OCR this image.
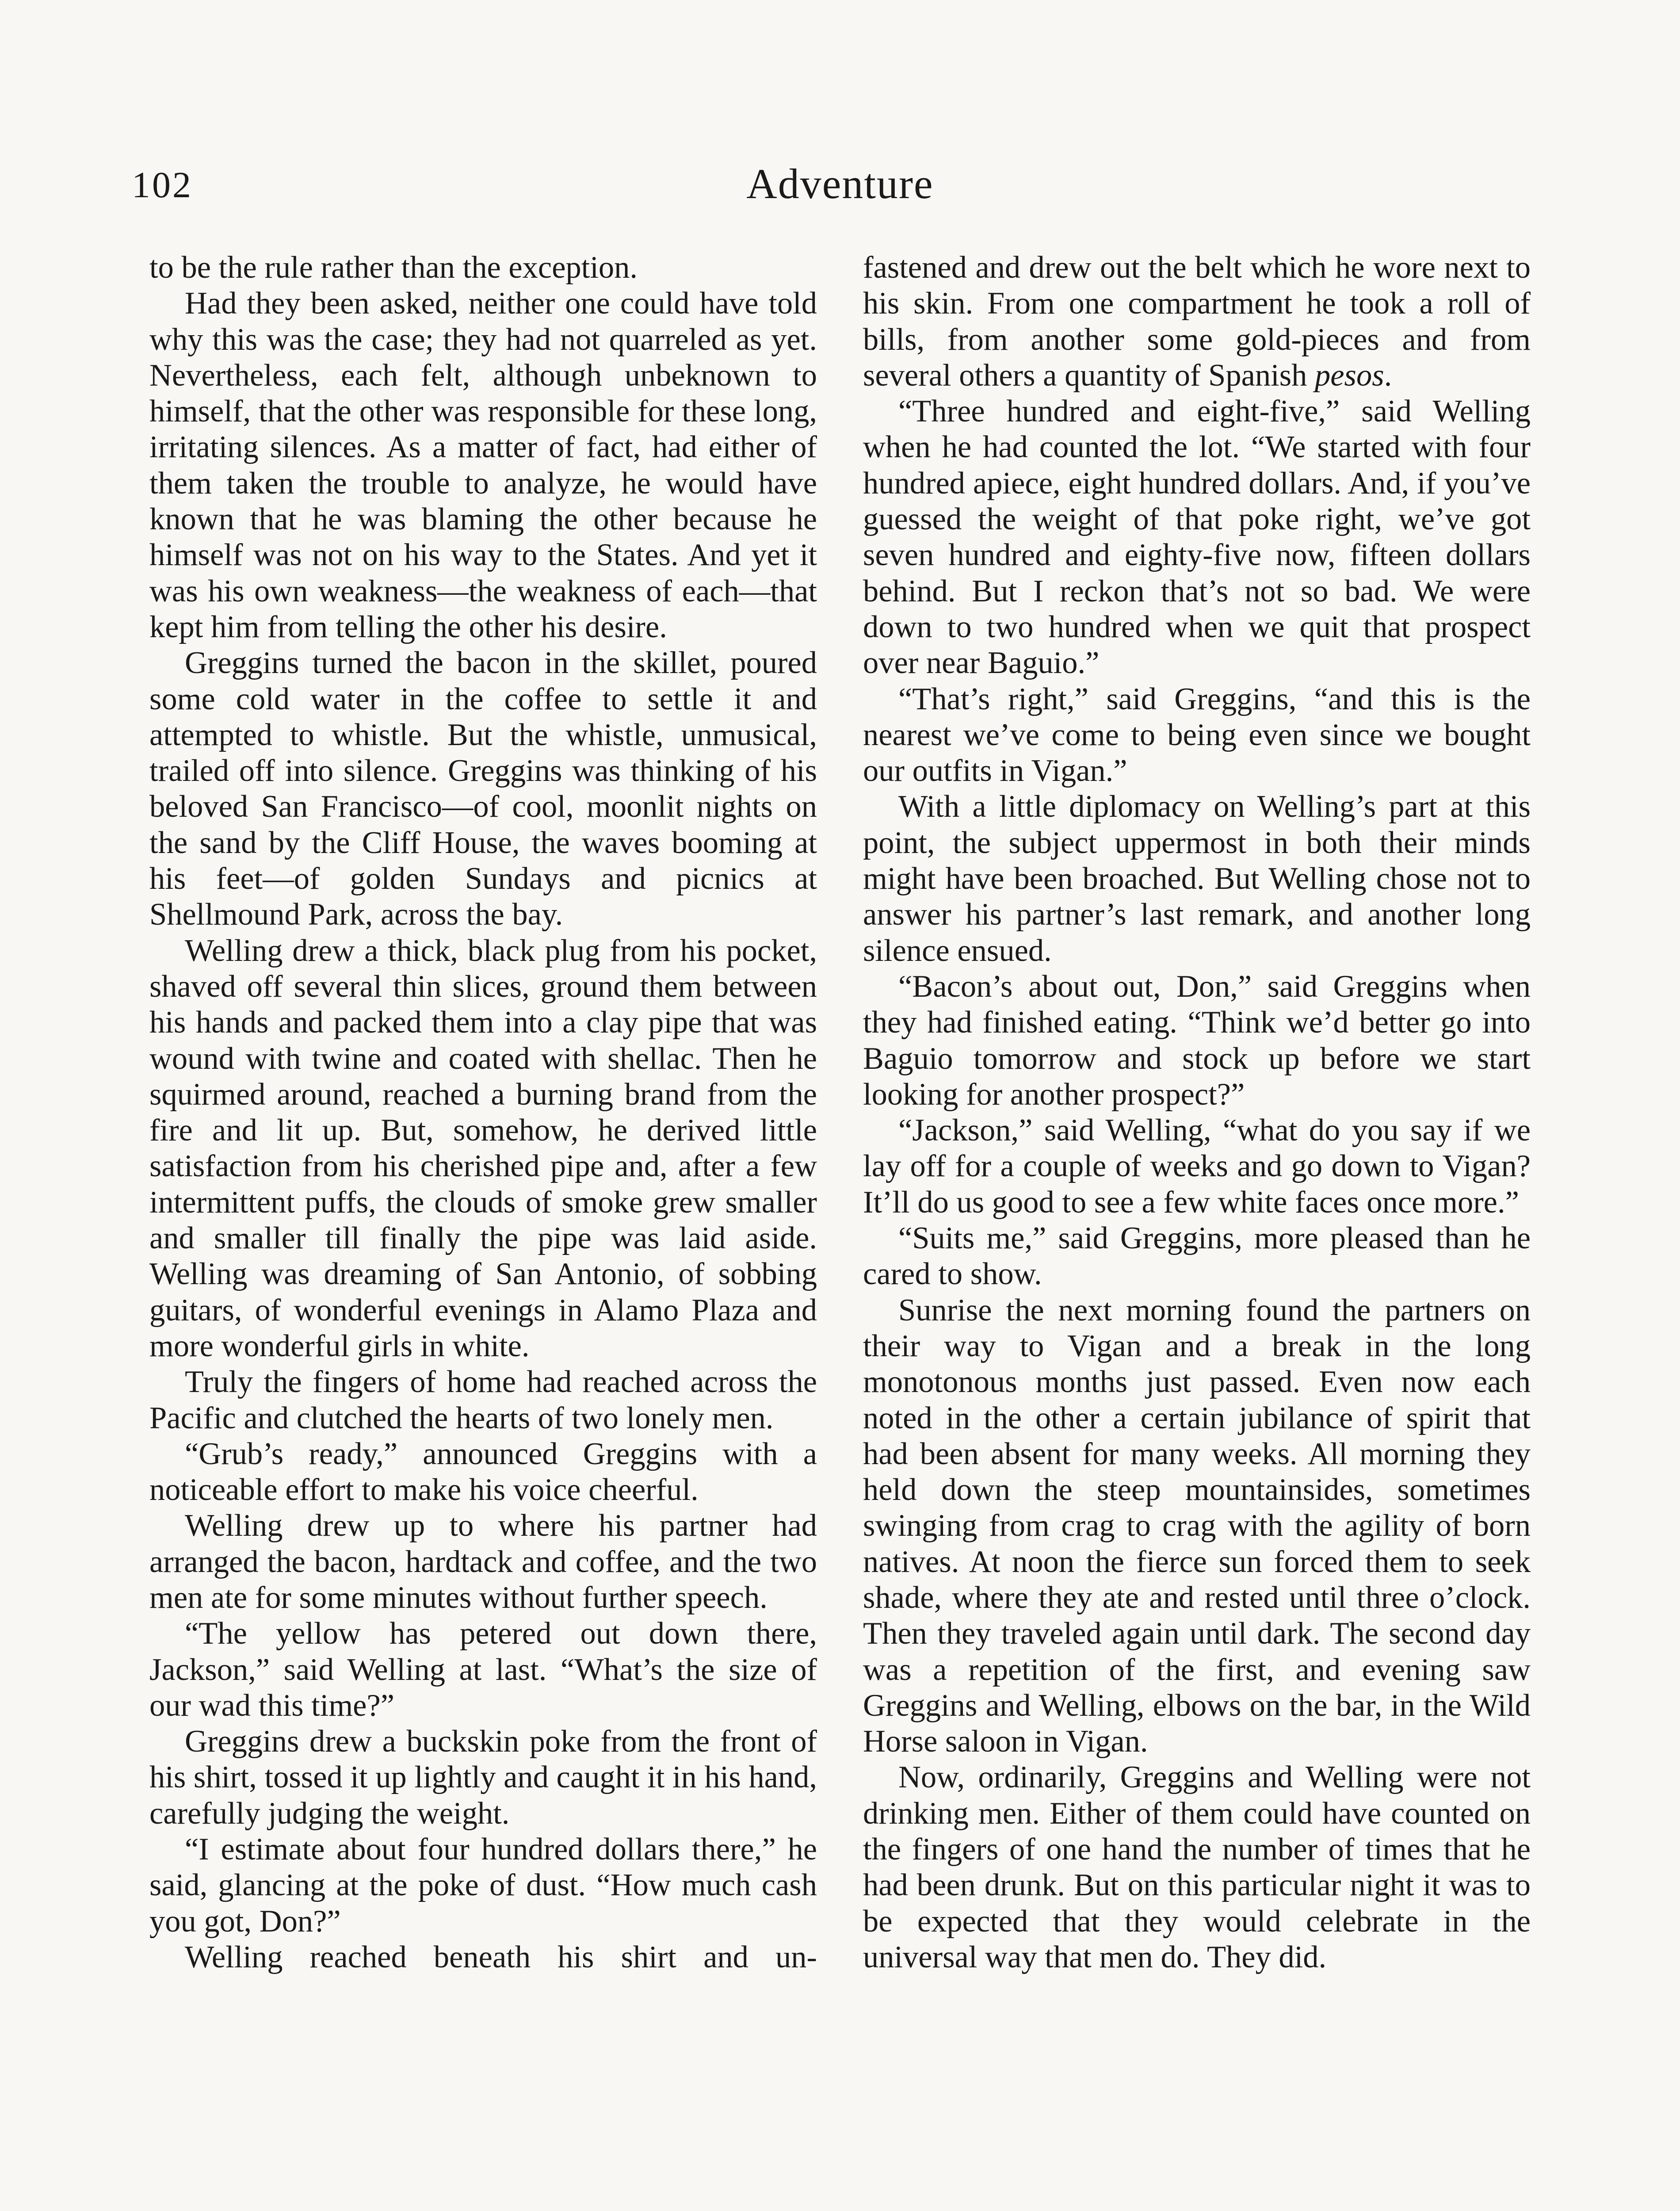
102	Adventure

to be the rule rather than the exception.

Had they been asked, neither one could have told why this was the case; they had not quarreled as yet. Nevertheless, each felt, although unbeknown to himself, that the other was responsible for these long, irritating silences. As a matter of fact, had either of them taken the trouble to analyze, he would have known that he was blaming the other because he himself was not on his way to the States. And yet it was his own weakness—the weakness of each—that kept him from telling the other his desire.

Greggins turned the bacon in the skillet, poured some cold water in the coffee to settle it and attempted to whistle. But the whistle, unmusical, trailed off into silence. Greggins was thinking of his beloved San Francisco—of cool, moonlit nights on the sand by the Cliff House, the waves booming at his feet—of golden Sundays and picnics at Shellmound Park, across the bay.

Welling drew a thick, black plug from his pocket, shaved off several thin slices, ground them between his hands and packed them into a clay pipe that was wound with twine and coated with shellac. Then he squirmed around, reached a burning brand from the fire and lit up. But, somehow, he derived little satisfaction from his cherished pipe and, after a few intermittent puffs, the clouds of smoke grew smaller and smaller till finally the pipe was laid aside. Welling was dreaming of San Antonio, of sobbing guitars, of wonderful evenings in Alamo Plaza and more wonderful girls in white.

Truly the fingers of home had reached across the Pacific and clutched the hearts of two lonely men.

“Grub’s ready,” announced Greggins with a noticeable effort to make his voice cheerful.

Welling drew up to where his partner had arranged the bacon, hardtack and coffee, and the two men ate for some minutes without further speech.

“The yellow has petered out down there, Jackson,” said Welling at last. “What’s the size of our wad this time?”

Greggins drew a buckskin poke from the front of his shirt, tossed it up lightly and caught it in his hand, carefully judging the weight.

“I estimate about four hundred dollars there,” he said, glancing at the poke of dust. “How much cash you got, Don?”

Welling reached beneath his shirt and un

fastened and drew out the belt which he wore next to his skin. From one compartment he took a roll of bills, from another some gold-pieces and from several others a quantity of Spanish pesos.

“Three hundred and eight-five,” said Welling when he had counted the lot. “We started with four hundred apiece, eight hundred dollars. And, if you’ve guessed the weight of that poke right, we’ve got seven hundred and eighty-five now, fifteen dollars behind. But I reckon that’s not so bad. We were down to two hundred when we quit that prospect over near Baguio.”

“That’s right,” said Greggins, “and this is the nearest we’ve come to being even since we bought our outfits in Vigan.”

With a little diplomacy on Welling’s part at this point, the subject uppermost in both their minds might have been broached. But Welling chose not to answer his partner’s last remark, and another long silence ensued.

“Bacon’s about out, Don,” said Greggins when they had finished eating. “Think we’d better go into Baguio tomorrow and stock up before we start looking for another prospect?”

“Jackson,” said Welling, “what do you say if we lay off for a couple of weeks and go down to Vigan? It’ll do us good to see a few white faces once more.”

“Suits me,” said Greggins, more pleased than he cared to show.

Sunrise the next morning found the partners on their way to Vigan and a break in the long monotonous months just passed. Even now each noted in the other a certain jubilance of spirit that had been absent for many weeks. All morning they held down the steep mountainsides, sometimes swinging from crag to crag with the agility of born natives. At noon the fierce sun forced them to seek shade, where they ate and rested until three o’clock. Then they traveled again until dark. The second day was a repetition of the first, and evening saw Greggins and Welling, elbows on the bar, in the Wild Horse saloon in Vigan.

Now, ordinarily, Greggins and Welling were not drinking men. Either of them could have counted on the fingers of one hand the number of times that he had been drunk. But on this particular night it was to be expected that they would celebrate in the universal way that men do. They did.
